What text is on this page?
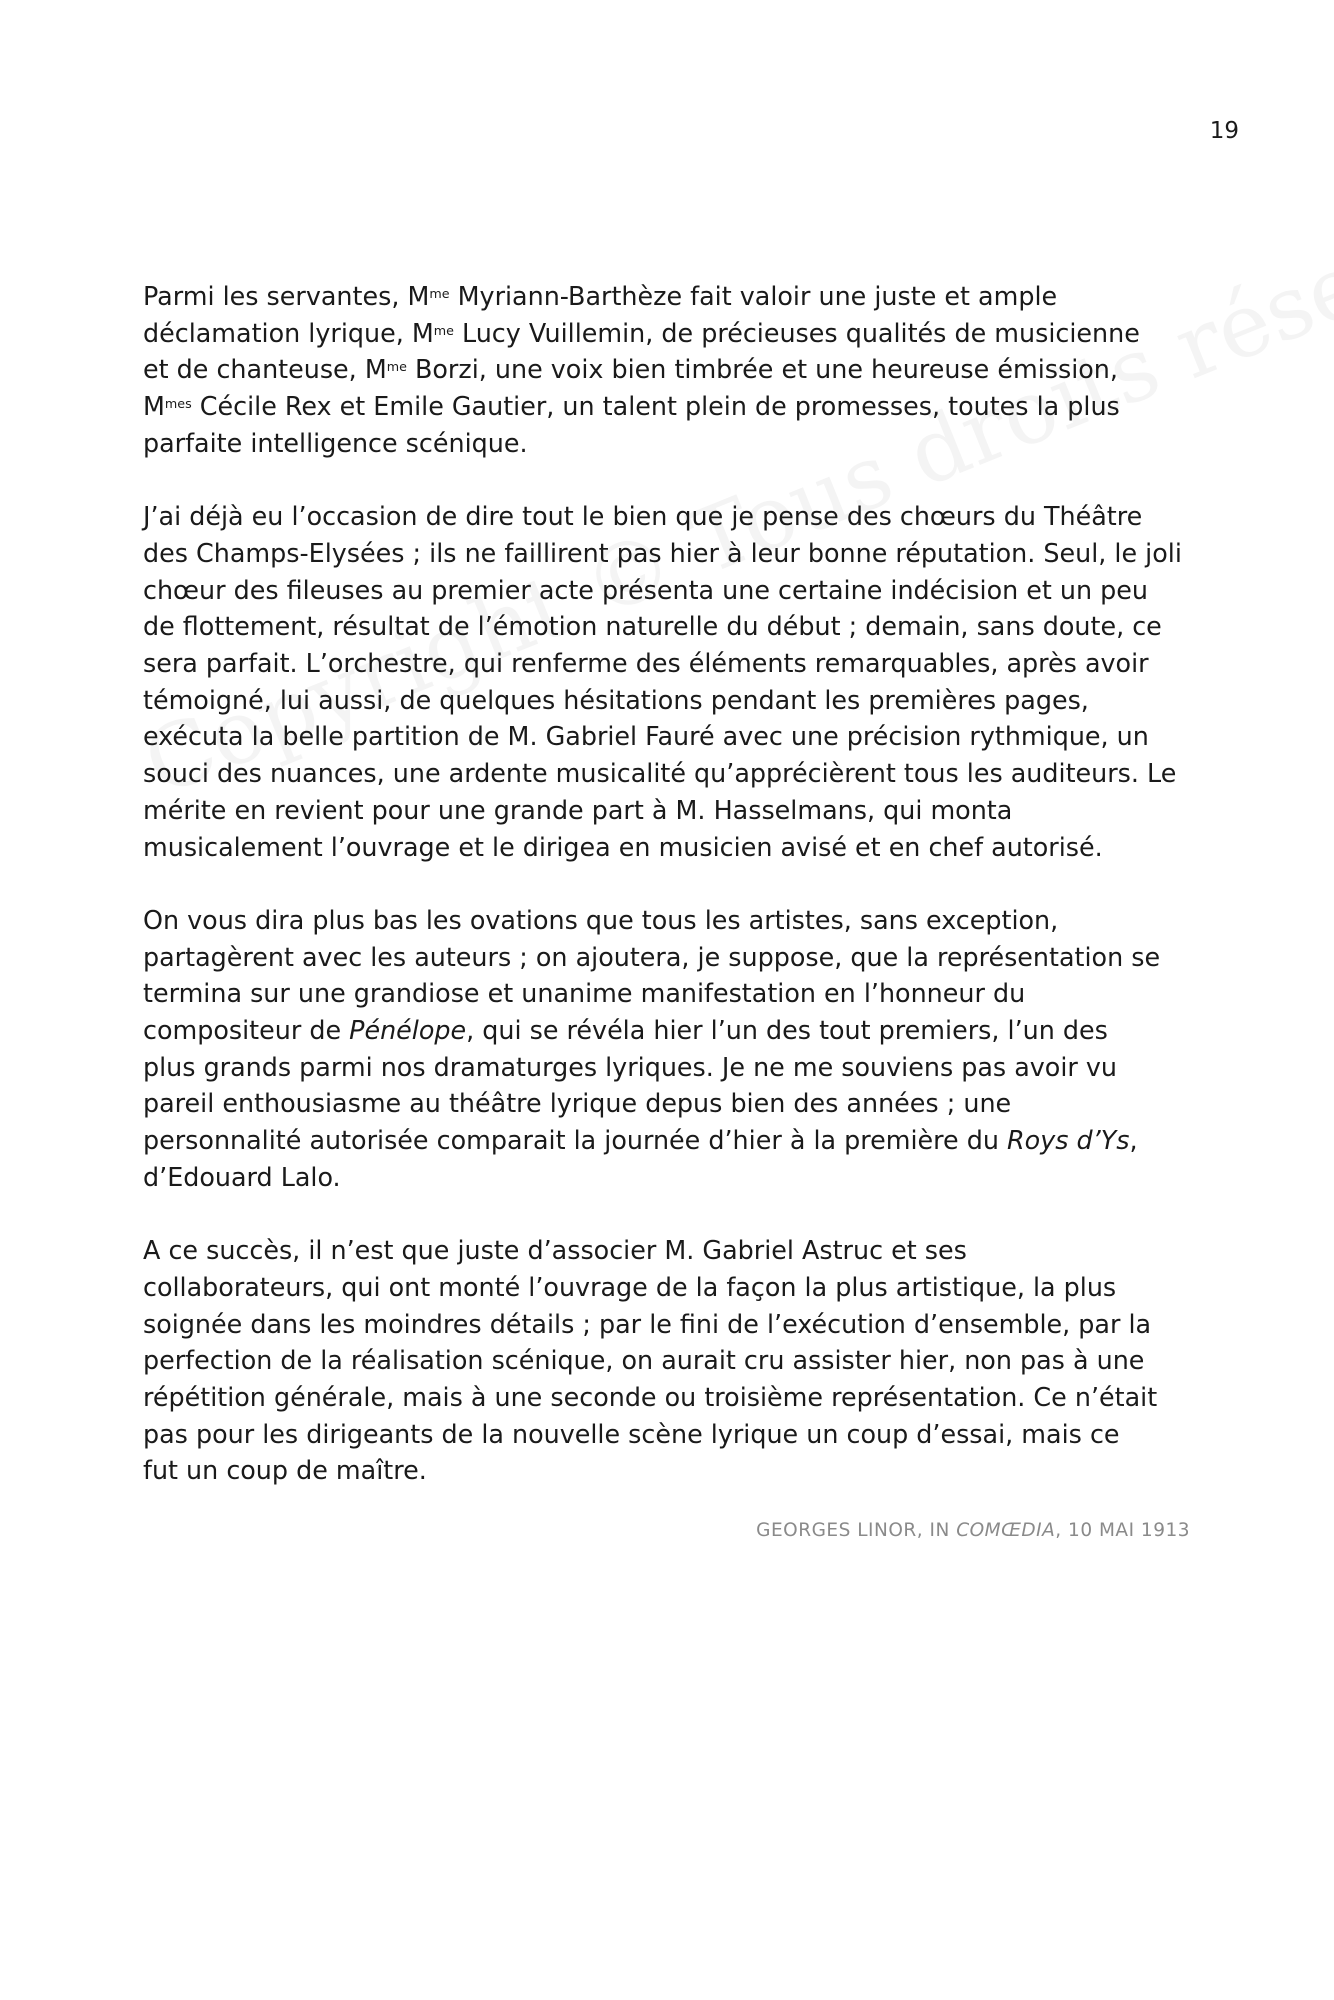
19

Parmi les servantes, $M^{me}$ Myriann-Barthèze fait valoir une juste et ample
déclamation lyrique, $M^{me}$ Lucy Vuillemin, de précieuses qualités de musicienne
et de chanteuse, $M^{me}$ Borzi, une voix bien timbrée et une heureuse émission,
$M^{mes}$ Cécile Rex et Emile Gautier, un talent plein de promesses, toutes la plus
parfaite intelligence scénique.

J’ai déjà eu l’occasion de dire tout le bien que je pense des chœurs du Théâtre
des Champs-Elysées ; ils ne faillirent pas hier à leur bonne réputation. Seul, le joli
chœur des fileuses au premier acte présenta une certaine indécision et un peu
de flottement, résultat de l’émotion naturelle du début ; demain, sans doute, ce
sera parfait. L’orchestre, qui renferme des éléments remarquables, après avoir
témoigné, lui aussi, de quelques hésitations pendant les premières pages,
exécuta la belle partition de M. Gabriel Fauré avec une précision rythmique, un
souci des nuances, une ardente musicalité qu’apprécièrent tous les auditeurs. Le
mérite en revient pour une grande part à M. Hasselmans, qui monta
musicalement l’ouvrage et le dirigea en musicien avisé et en chef autorisé.

On vous dira plus bas les ovations que tous les artistes, sans exception,
partagèrent avec les auteurs ; on ajoutera, je suppose, que la représentation se
termina sur une grandiose et unanime manifestation en l’honneur du
compositeur de Pénélope, qui se révéla hier l’un des tout premiers, l’un des
plus grands parmi nos dramaturges lyriques. Je ne me souviens pas avoir vu
pareil enthousiasme au théâtre lyrique depus bien des années ; une
personnalité autorisée comparait la journée d’hier à la première du Roys d’Ys,
d’Edouard Lalo.

A ce succès, il n’est que juste d’associer M. Gabriel Astruc et ses
collaborateurs, qui ont monté l’ouvrage de la façon la plus artistique, la plus
soignée dans les moindres détails ; par le fini de l’exécution d’ensemble, par la
perfection de la réalisation scénique, on aurait cru assister hier, non pas à une
répétition générale, mais à une seconde ou troisième représentation. Ce n’était
pas pour les dirigeants de la nouvelle scène lyrique un coup d’essai, mais ce
fut un coup de maître.

GEORGES LINOR, IN COMŒDIA, 10 MAI 1913
